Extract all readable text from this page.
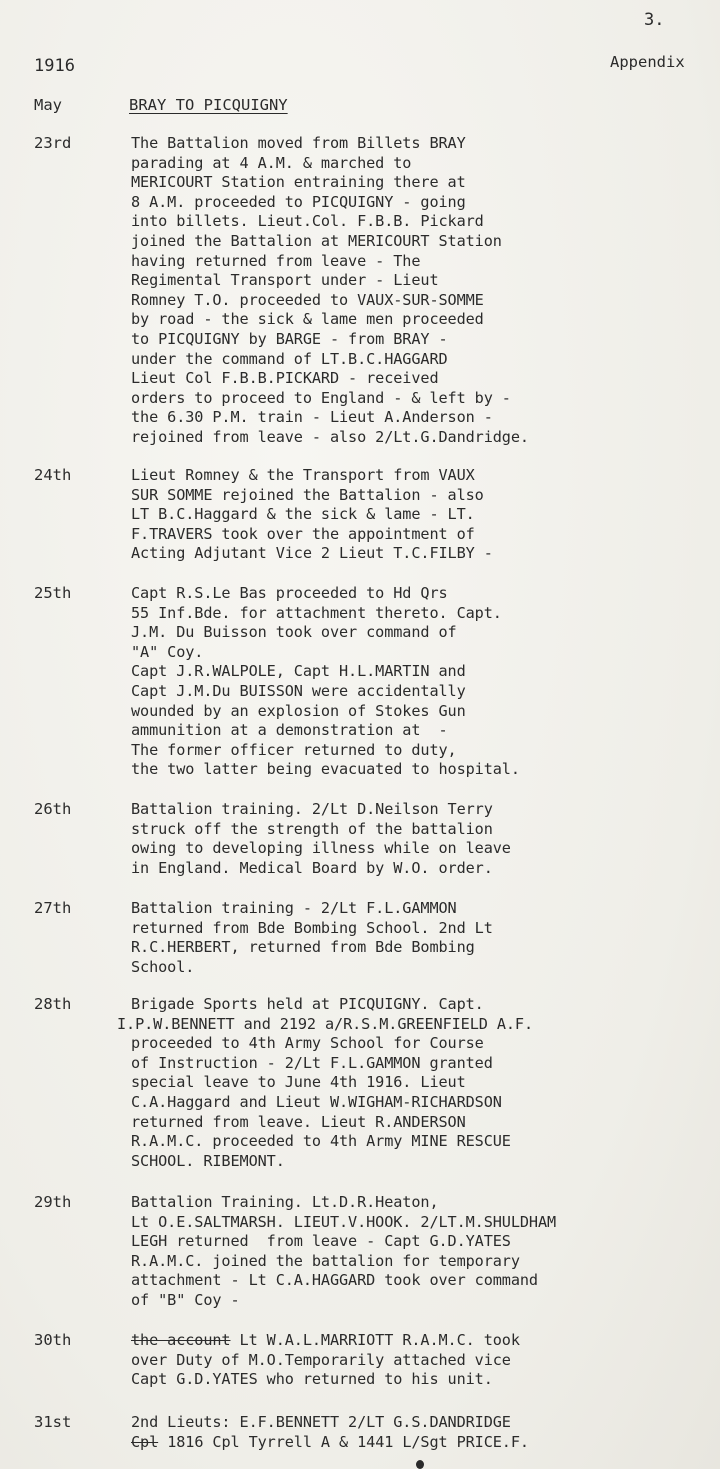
3.
1916	Appendix
May	BRAY TO PICQUIGNY
23rd	The Battalion moved from Billets BRAY
parading at 4 A.M. & marched to
MERICOURT Station entraining there at
8 A.M. proceeded to PICQUIGNY - going
into billets. Lieut.Col. F.B.B. Pickard
joined the Battalion at MERICOURT Station
having returned from leave - The
Regimental Transport under - Lieut
Romney T.O. proceeded to VAUX-SUR-SOMME
by road - the sick & lame men proceeded
to PICQUIGNY by BARGE - from BRAY -
under the command of LT.B.C.HAGGARD
Lieut Col F.B.B.PICKARD - received
orders to proceed to England - & left by -
the 6.30 P.M. train - Lieut A.Anderson -
rejoined from leave - also 2/Lt.G.Dandridge.
24th	Lieut Romney & the Transport from VAUX
SUR SOMME rejoined the Battalion - also
LT B.C.Haggard & the sick & lame - LT.
F.TRAVERS took over the appointment of
Acting Adjutant Vice 2 Lieut T.C.FILBY -
25th	Capt R.S.Le Bas proceeded to Hd Qrs
55 Inf.Bde. for attachment thereto. Capt.
J.M. Du Buisson took over command of
"A" Coy.
Capt J.R.WALPOLE, Capt H.L.MARTIN and
Capt J.M.Du BUISSON were accidentally
wounded by an explosion of Stokes Gun
ammunition at a demonstration at  -
The former officer returned to duty,
the two latter being evacuated to hospital.
26th	Battalion training. 2/Lt D.Neilson Terry
struck off the strength of the battalion
owing to developing illness while on leave
in England. Medical Board by W.O. order.
27th	Battalion training - 2/Lt F.L.GAMMON
returned from Bde Bombing School. 2nd Lt
R.C.HERBERT, returned from Bde Bombing
School.
28th	Brigade Sports held at PICQUIGNY. Capt.
I.P.W.BENNETT and 2192 a/R.S.M.GREENFIELD A.F.
proceeded to 4th Army School for Course
of Instruction - 2/Lt F.L.GAMMON granted
special leave to June 4th 1916. Lieut
C.A.Haggard and Lieut W.WIGHAM-RICHARDSON
returned from leave. Lieut R.ANDERSON
R.A.M.C. proceeded to 4th Army MINE RESCUE
SCHOOL. RIBEMONT.
29th	Battalion Training. Lt.D.R.Heaton,
Lt O.E.SALTMARSH. LIEUT.V.HOOK. 2/LT.M.SHULDHAM
LEGH returned  from leave - Capt G.D.YATES
R.A.M.C. joined the battalion for temporary
attachment - Lt C.A.HAGGARD took over command
of "B" Coy -
30th	the account Lt W.A.L.MARRIOTT R.A.M.C. took
over Duty of M.O.Temporarily attached vice
Capt G.D.YATES who returned to his unit.
31st	2nd Lieuts: E.F.BENNETT 2/LT G.S.DANDRIDGE
Cpl 1816 Cpl Tyrrell A & 1441 L/Sgt PRICE.F.
